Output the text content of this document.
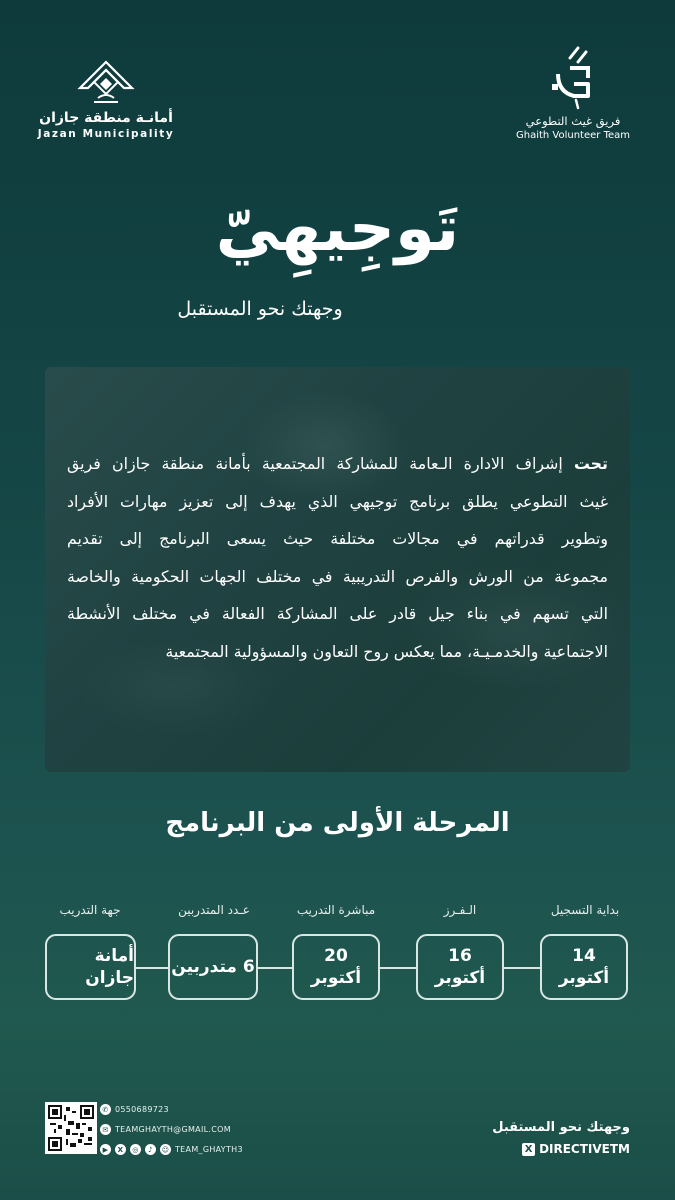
أمانـة منطقة جازان
Jazan Municipality
فريق غيث التطوعي
Ghaith Volunteer Team
تَوجِيهِيّ
وجهتك نحو المستقبل
تحت إشراف الادارة الـعامة للمشاركة المجتمعية بأمانة منطقة جازان فريق
غيث التطوعي يطلق برنامج توجيهي الذي يهدف إلى تعزيز مهارات الأفراد
وتطوير قدراتهم في مجالات مختلفة حيث يسعى البرنامج إلى تقديم
مجموعة من الورش والفرص التدريبية في مختلف الجهات الحكومية والخاصة
التي تسهم في بناء جيل قادر على المشاركة الفعالة في مختلف الأنشطة
الاجتماعية والخدمـيـة، مما يعكس روح التعاون والمسؤولية المجتمعية
المرحلة الأولى من البرنامج
بداية التسجيل
14
أكتوبر
الـفـرز
16
أكتوبر
مباشرة التدريب
20
أكتوبر
عـدد المتدربين
6 متدربين
جهة التدريب
أمانة جازان
✆ 0550689723
✉ TEAMGHAYTH@GMAIL.COM
▶	X	◎	♪	☺ TEAM_GHAYTH3
وجهتك نحو المستقبل
X DIRECTIVETM
